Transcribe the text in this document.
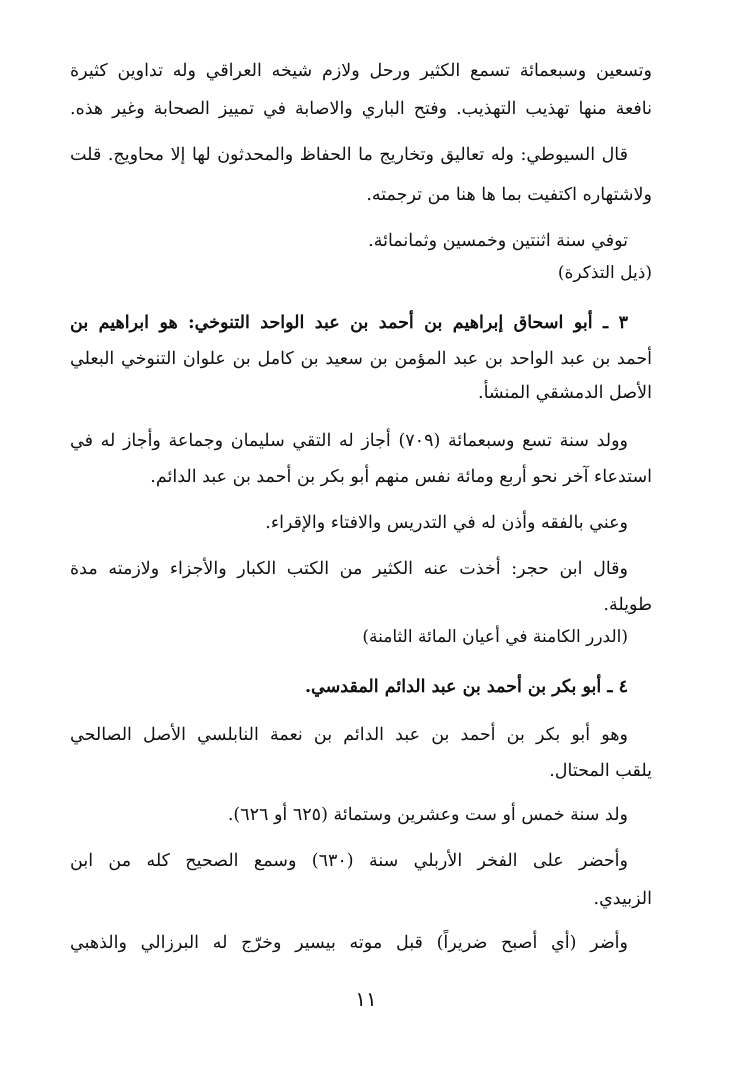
وتسعين وسبعمائة تسمع الكثير ورحل ولازم شيخه العراقي وله تداوين كثيرة
نافعة منها تهذيب التهذيب. وفتح الباري والاصابة في تمييز الصحابة وغير هذه.
قال السيوطي: وله تعاليق وتخاريج ما الحفاظ والمحدثون لها إلا محاويج. قلت
ولاشتهاره اكتفيت بما ها هنا من ترجمته.
توفي سنة اثنتين وخمسين وثمانمائة.
(ذيل التذكرة)
٣ ـ أبو اسحاق إبراهيم بن أحمد بن عبد الواحد التنوخي: هو ابراهيم بن
أحمد بن عبد الواحد بن عبد المؤمن بن سعيد بن كامل بن علوان التنوخي البعلي
الأصل الدمشقي المنشأ.
وولد سنة تسع وسبعمائة (٧٠٩) أجاز له التقي سليمان وجماعة وأجاز له في
استدعاء آخر نحو أربع ومائة نفس منهم أبو بكر بن أحمد بن عبد الدائم.
وعني بالفقه وأذن له في التدريس والافتاء والإقراء.
وقال ابن حجر: أخذت عنه الكثير من الكتب الكبار والأجزاء ولازمته مدة
طويلة.
(الدرر الكامنة في أعيان المائة الثامنة)
٤ ـ أبو بكر بن أحمد بن عبد الدائم المقدسي.
وهو أبو بكر بن أحمد بن عبد الدائم بن نعمة النابلسي الأصل الصالحي
يلقب المحتال.
ولد سنة خمس أو ست وعشرين وستمائة (٦٢٥ أو ٦٢٦).
وأحضر على الفخر الأربلي سنة (٦٣٠) وسمع الصحيح كله من ابن
الزبيدي.
وأضر (أي أصبح ضريراً) قبل موته بيسير وخرّج له البرزالي والذهبي
١١
